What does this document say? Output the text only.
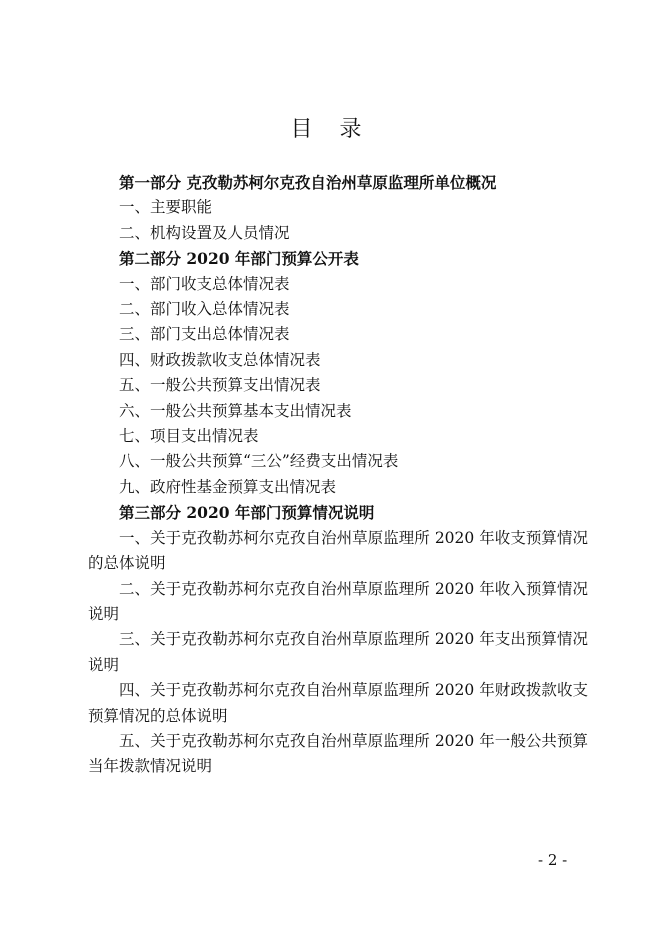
目 录
第一部分 克孜勒苏柯尔克孜自治州草原监理所单位概况
一、主要职能
二、机构设置及人员情况
第二部分 2020 年部门预算公开表
一、部门收支总体情况表
二、部门收入总体情况表
三、部门支出总体情况表
四、财政拨款收支总体情况表
五、一般公共预算支出情况表
六、一般公共预算基本支出情况表
七、项目支出情况表
八、一般公共预算“三公”经费支出情况表
九、政府性基金预算支出情况表
第三部分 2020 年部门预算情况说明
一、关于克孜勒苏柯尔克孜自治州草原监理所 2020 年收支预算情况的总体说明
二、关于克孜勒苏柯尔克孜自治州草原监理所 2020 年收入预算情况说明
三、关于克孜勒苏柯尔克孜自治州草原监理所 2020 年支出预算情况说明
四、关于克孜勒苏柯尔克孜自治州草原监理所 2020 年财政拨款收支预算情况的总体说明
五、关于克孜勒苏柯尔克孜自治州草原监理所 2020 年一般公共预算当年拨款情况说明
- 2 -
